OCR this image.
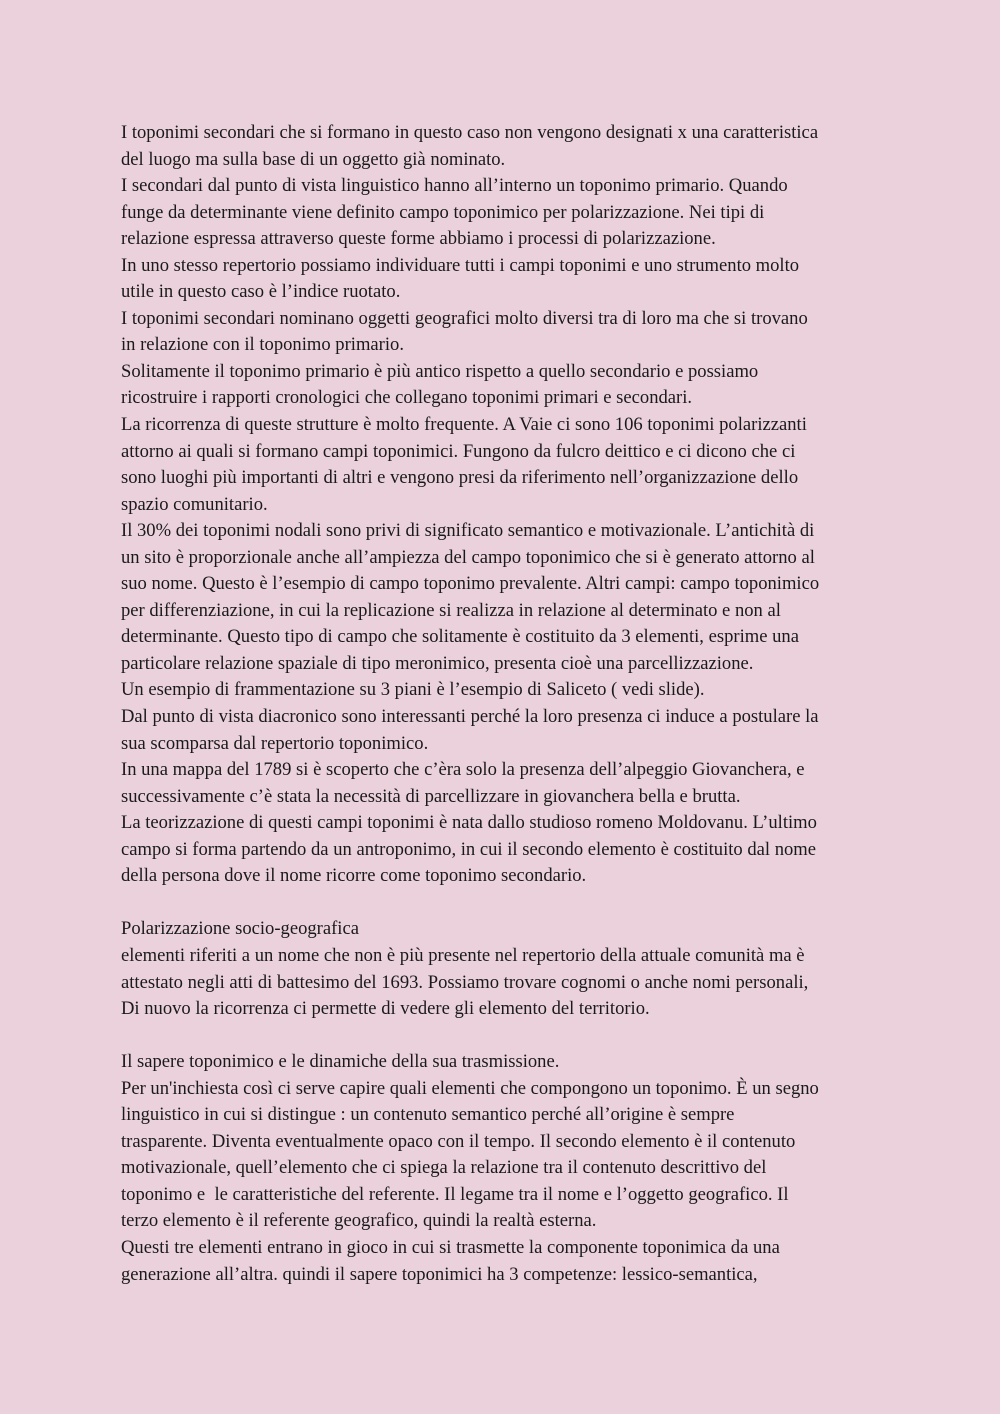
I toponimi secondari che si formano in questo caso non vengono designati x una caratteristica
del luogo ma sulla base di un oggetto già nominato.
I secondari dal punto di vista linguistico hanno all’interno un toponimo primario. Quando
funge da determinante viene definito campo toponimico per polarizzazione. Nei tipi di
relazione espressa attraverso queste forme abbiamo i processi di polarizzazione.
In uno stesso repertorio possiamo individuare tutti i campi toponimi e uno strumento molto
utile in questo caso è l’indice ruotato.
I toponimi secondari nominano oggetti geografici molto diversi tra di loro ma che si trovano
in relazione con il toponimo primario.
Solitamente il toponimo primario è più antico rispetto a quello secondario e possiamo
ricostruire i rapporti cronologici che collegano toponimi primari e secondari.
La ricorrenza di queste strutture è molto frequente. A Vaie ci sono 106 toponimi polarizzanti
attorno ai quali si formano campi toponimici. Fungono da fulcro deittico e ci dicono che ci
sono luoghi più importanti di altri e vengono presi da riferimento nell’organizzazione dello
spazio comunitario.
Il 30% dei toponimi nodali sono privi di significato semantico e motivazionale. L’antichità di
un sito è proporzionale anche all’ampiezza del campo toponimico che si è generato attorno al
suo nome. Questo è l’esempio di campo toponimo prevalente. Altri campi: campo toponimico
per differenziazione, in cui la replicazione si realizza in relazione al determinato e non al
determinante. Questo tipo di campo che solitamente è costituito da 3 elementi, esprime una
particolare relazione spaziale di tipo meronimico, presenta cioè una parcellizzazione.
Un esempio di frammentazione su 3 piani è l’esempio di Saliceto ( vedi slide).
Dal punto di vista diacronico sono interessanti perché la loro presenza ci induce a postulare la
sua scomparsa dal repertorio toponimico.
In una mappa del 1789 si è scoperto che c’èra solo la presenza dell’alpeggio Giovanchera, e
successivamente c’è stata la necessità di parcellizzare in giovanchera bella e brutta.
La teorizzazione di questi campi toponimi è nata dallo studioso romeno Moldovanu. L’ultimo
campo si forma partendo da un antroponimo, in cui il secondo elemento è costituito dal nome
della persona dove il nome ricorre come toponimo secondario.
Polarizzazione socio-geografica
elementi riferiti a un nome che non è più presente nel repertorio della attuale comunità ma è
attestato negli atti di battesimo del 1693. Possiamo trovare cognomi o anche nomi personali,
Di nuovo la ricorrenza ci permette di vedere gli elemento del territorio.
Il sapere toponimico e le dinamiche della sua trasmissione.
Per un'inchiesta così ci serve capire quali elementi che compongono un toponimo. È un segno
linguistico in cui si distingue : un contenuto semantico perché all’origine è sempre
trasparente. Diventa eventualmente opaco con il tempo. Il secondo elemento è il contenuto
motivazionale, quell’elemento che ci spiega la relazione tra il contenuto descrittivo del
toponimo e  le caratteristiche del referente. Il legame tra il nome e l’oggetto geografico. Il
terzo elemento è il referente geografico, quindi la realtà esterna.
Questi tre elementi entrano in gioco in cui si trasmette la componente toponimica da una
generazione all’altra. quindi il sapere toponimici ha 3 competenze: lessico-semantica,
